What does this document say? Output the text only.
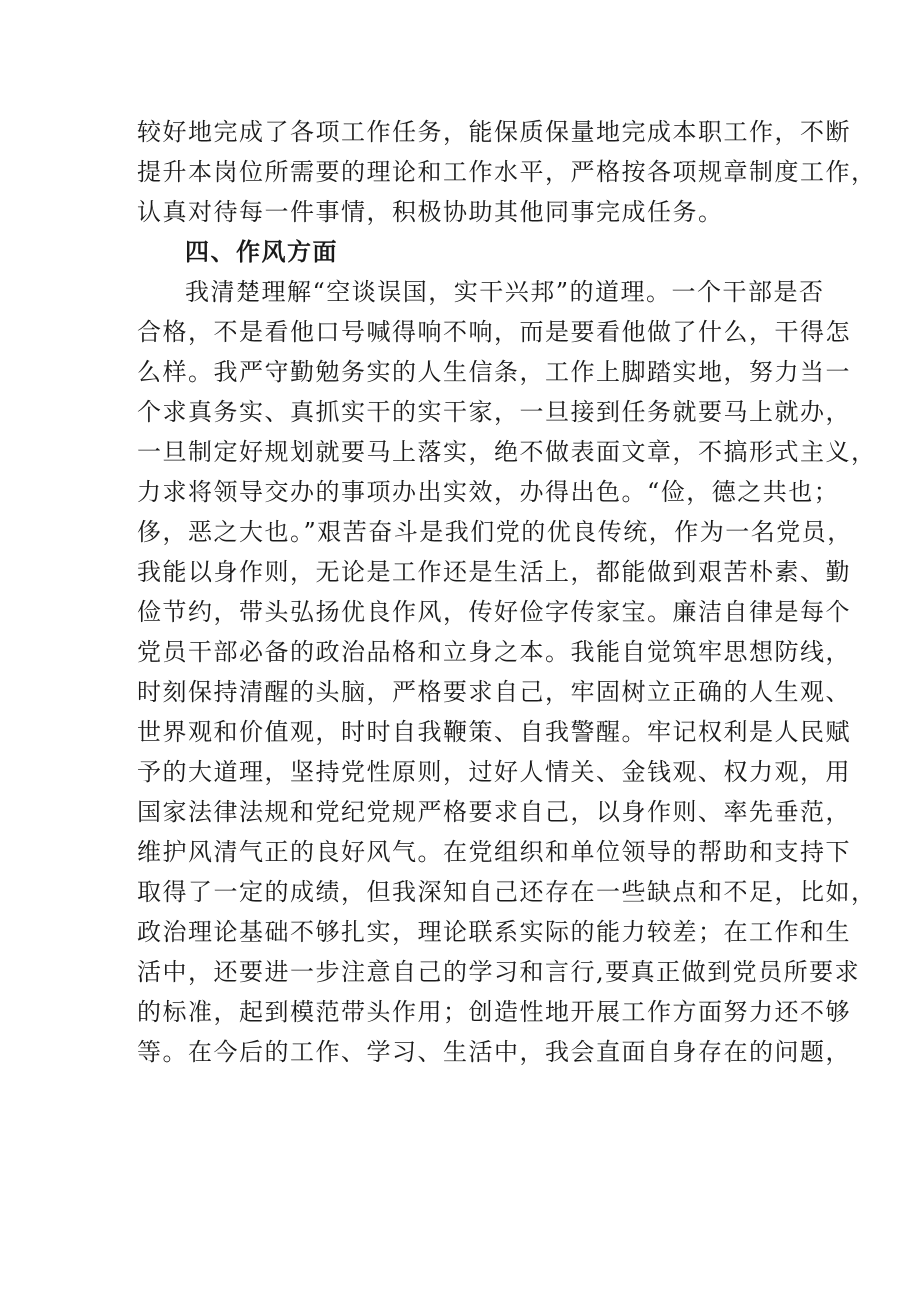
较好地完成了各项工作任务，能保质保量地完成本职工作，不断
提升本岗位所需要的理论和工作水平，严格按各项规章制度工作，
认真对待每一件事情，积极协助其他同事完成任务。
四、作风方面
我清楚理解“空谈误国，实干兴邦”的道理。一个干部是否
合格，不是看他口号喊得响不响，而是要看他做了什么，干得怎
么样。我严守勤勉务实的人生信条，工作上脚踏实地，努力当一
个求真务实、真抓实干的实干家，一旦接到任务就要马上就办，
一旦制定好规划就要马上落实，绝不做表面文章，不搞形式主义，
力求将领导交办的事项办出实效，办得出色。“俭，德之共也；
侈，恶之大也。”艰苦奋斗是我们党的优良传统，作为一名党员，
我能以身作则，无论是工作还是生活上，都能做到艰苦朴素、勤
俭节约，带头弘扬优良作风，传好俭字传家宝。廉洁自律是每个
党员干部必备的政治品格和立身之本。我能自觉筑牢思想防线，
时刻保持清醒的头脑，严格要求自己，牢固树立正确的人生观、
世界观和价值观，时时自我鞭策、自我警醒。牢记权利是人民赋
予的大道理，坚持党性原则，过好人情关、金钱观、权力观，用
国家法律法规和党纪党规严格要求自己，以身作则、率先垂范，
维护风清气正的良好风气。在党组织和单位领导的帮助和支持下
取得了一定的成绩，但我深知自己还存在一些缺点和不足，比如，
政治理论基础不够扎实，理论联系实际的能力较差；在工作和生
活中，还要进一步注意自己的学习和言行,要真正做到党员所要求
的标准，起到模范带头作用；创造性地开展工作方面努力还不够
等。在今后的工作、学习、生活中，我会直面自身存在的问题，
